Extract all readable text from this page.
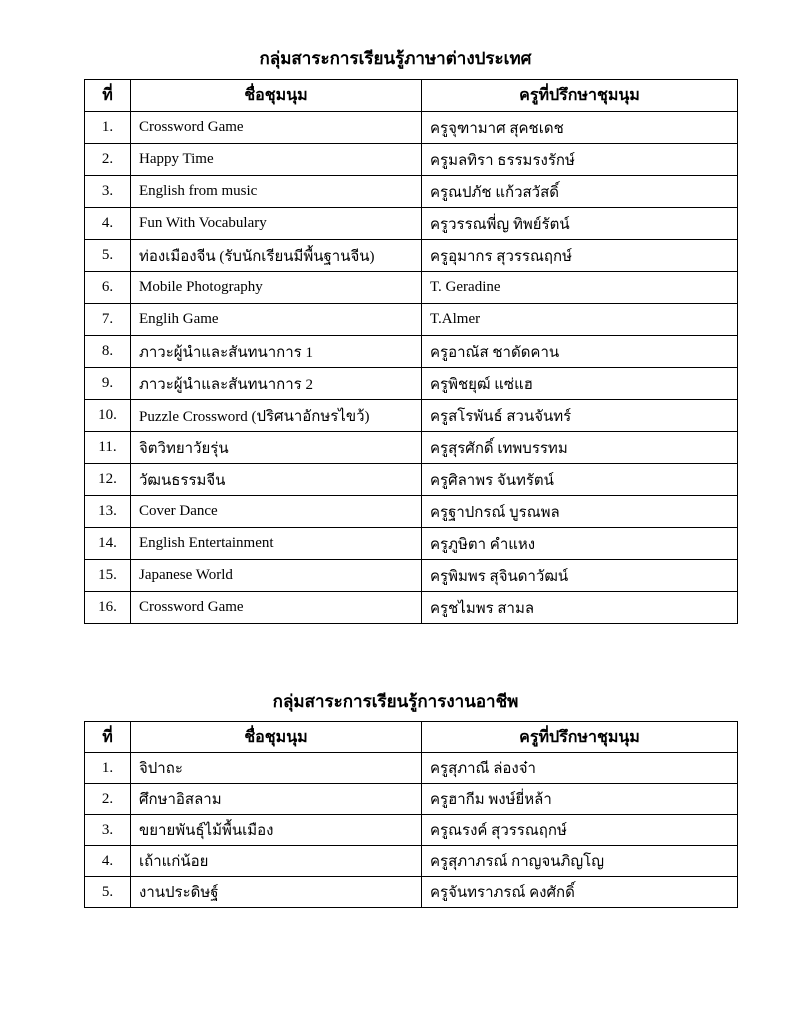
กลุ่มสาระการเรียนรู้ภาษาต่างประเทศ
ที่	ชื่อชุมนุม	ครูที่ปรึกษาชุมนุม
1.	Crossword Game	ครูจุฑามาศ สุคชเดช
2.	Happy Time	ครูมลทิรา ธรรมรงรักษ์
3.	English from music	ครูณปภัช แก้วสวัสดิ์
4.	Fun With Vocabulary	ครูวรรณพี่ญ ทิพย์รัตน์
5.	ท่องเมืองจีน (รับนักเรียนมีพื้นฐานจีน)	ครูอุมากร สุวรรณฤกษ์
6.	Mobile Photography	T. Geradine
7.	Englih Game	T.Almer
8.	ภาวะผู้นำและสันทนาการ 1	ครูอาณัส ชาดัดคาน
9.	ภาวะผู้นำและสันทนาการ 2	ครูพิชยุฒ์ แซ่แฮ
10.	Puzzle Crossword (ปริศนาอักษรไขว้)	ครูสโรพันธ์ สวนจันทร์
11.	จิตวิทยาวัยรุ่น	ครูสุรศักดิ์ เทพบรรทม
12.	วัฒนธรรมจีน	ครูศิลาพร จันทรัตน์
13.	Cover Dance	ครูฐาปกรณ์ บูรณพล
14.	English Entertainment	ครูภูษิตา คำแหง
15.	Japanese World	ครูพิมพร สุจินดาวัฒน์
16.	Crossword Game	ครูชไมพร สามล
กลุ่มสาระการเรียนรู้การงานอาชีพ
ที่	ชื่อชุมนุม	ครูที่ปรึกษาชุมนุม
1.	จิปาถะ	ครูสุภาณี ล่องจ๋า
2.	ศึกษาอิสลาม	ครูฮากีม พงษ์ยี่หล้า
3.	ขยายพันธุ์ไม้พื้นเมือง	ครูณรงค์ สุวรรณฤกษ์
4.	เถ้าแก่น้อย	ครูสุภาภรณ์ กาญจนภิญโญ
5.	งานประดิษฐ์	ครูจันทราภรณ์ คงศักดิ์
